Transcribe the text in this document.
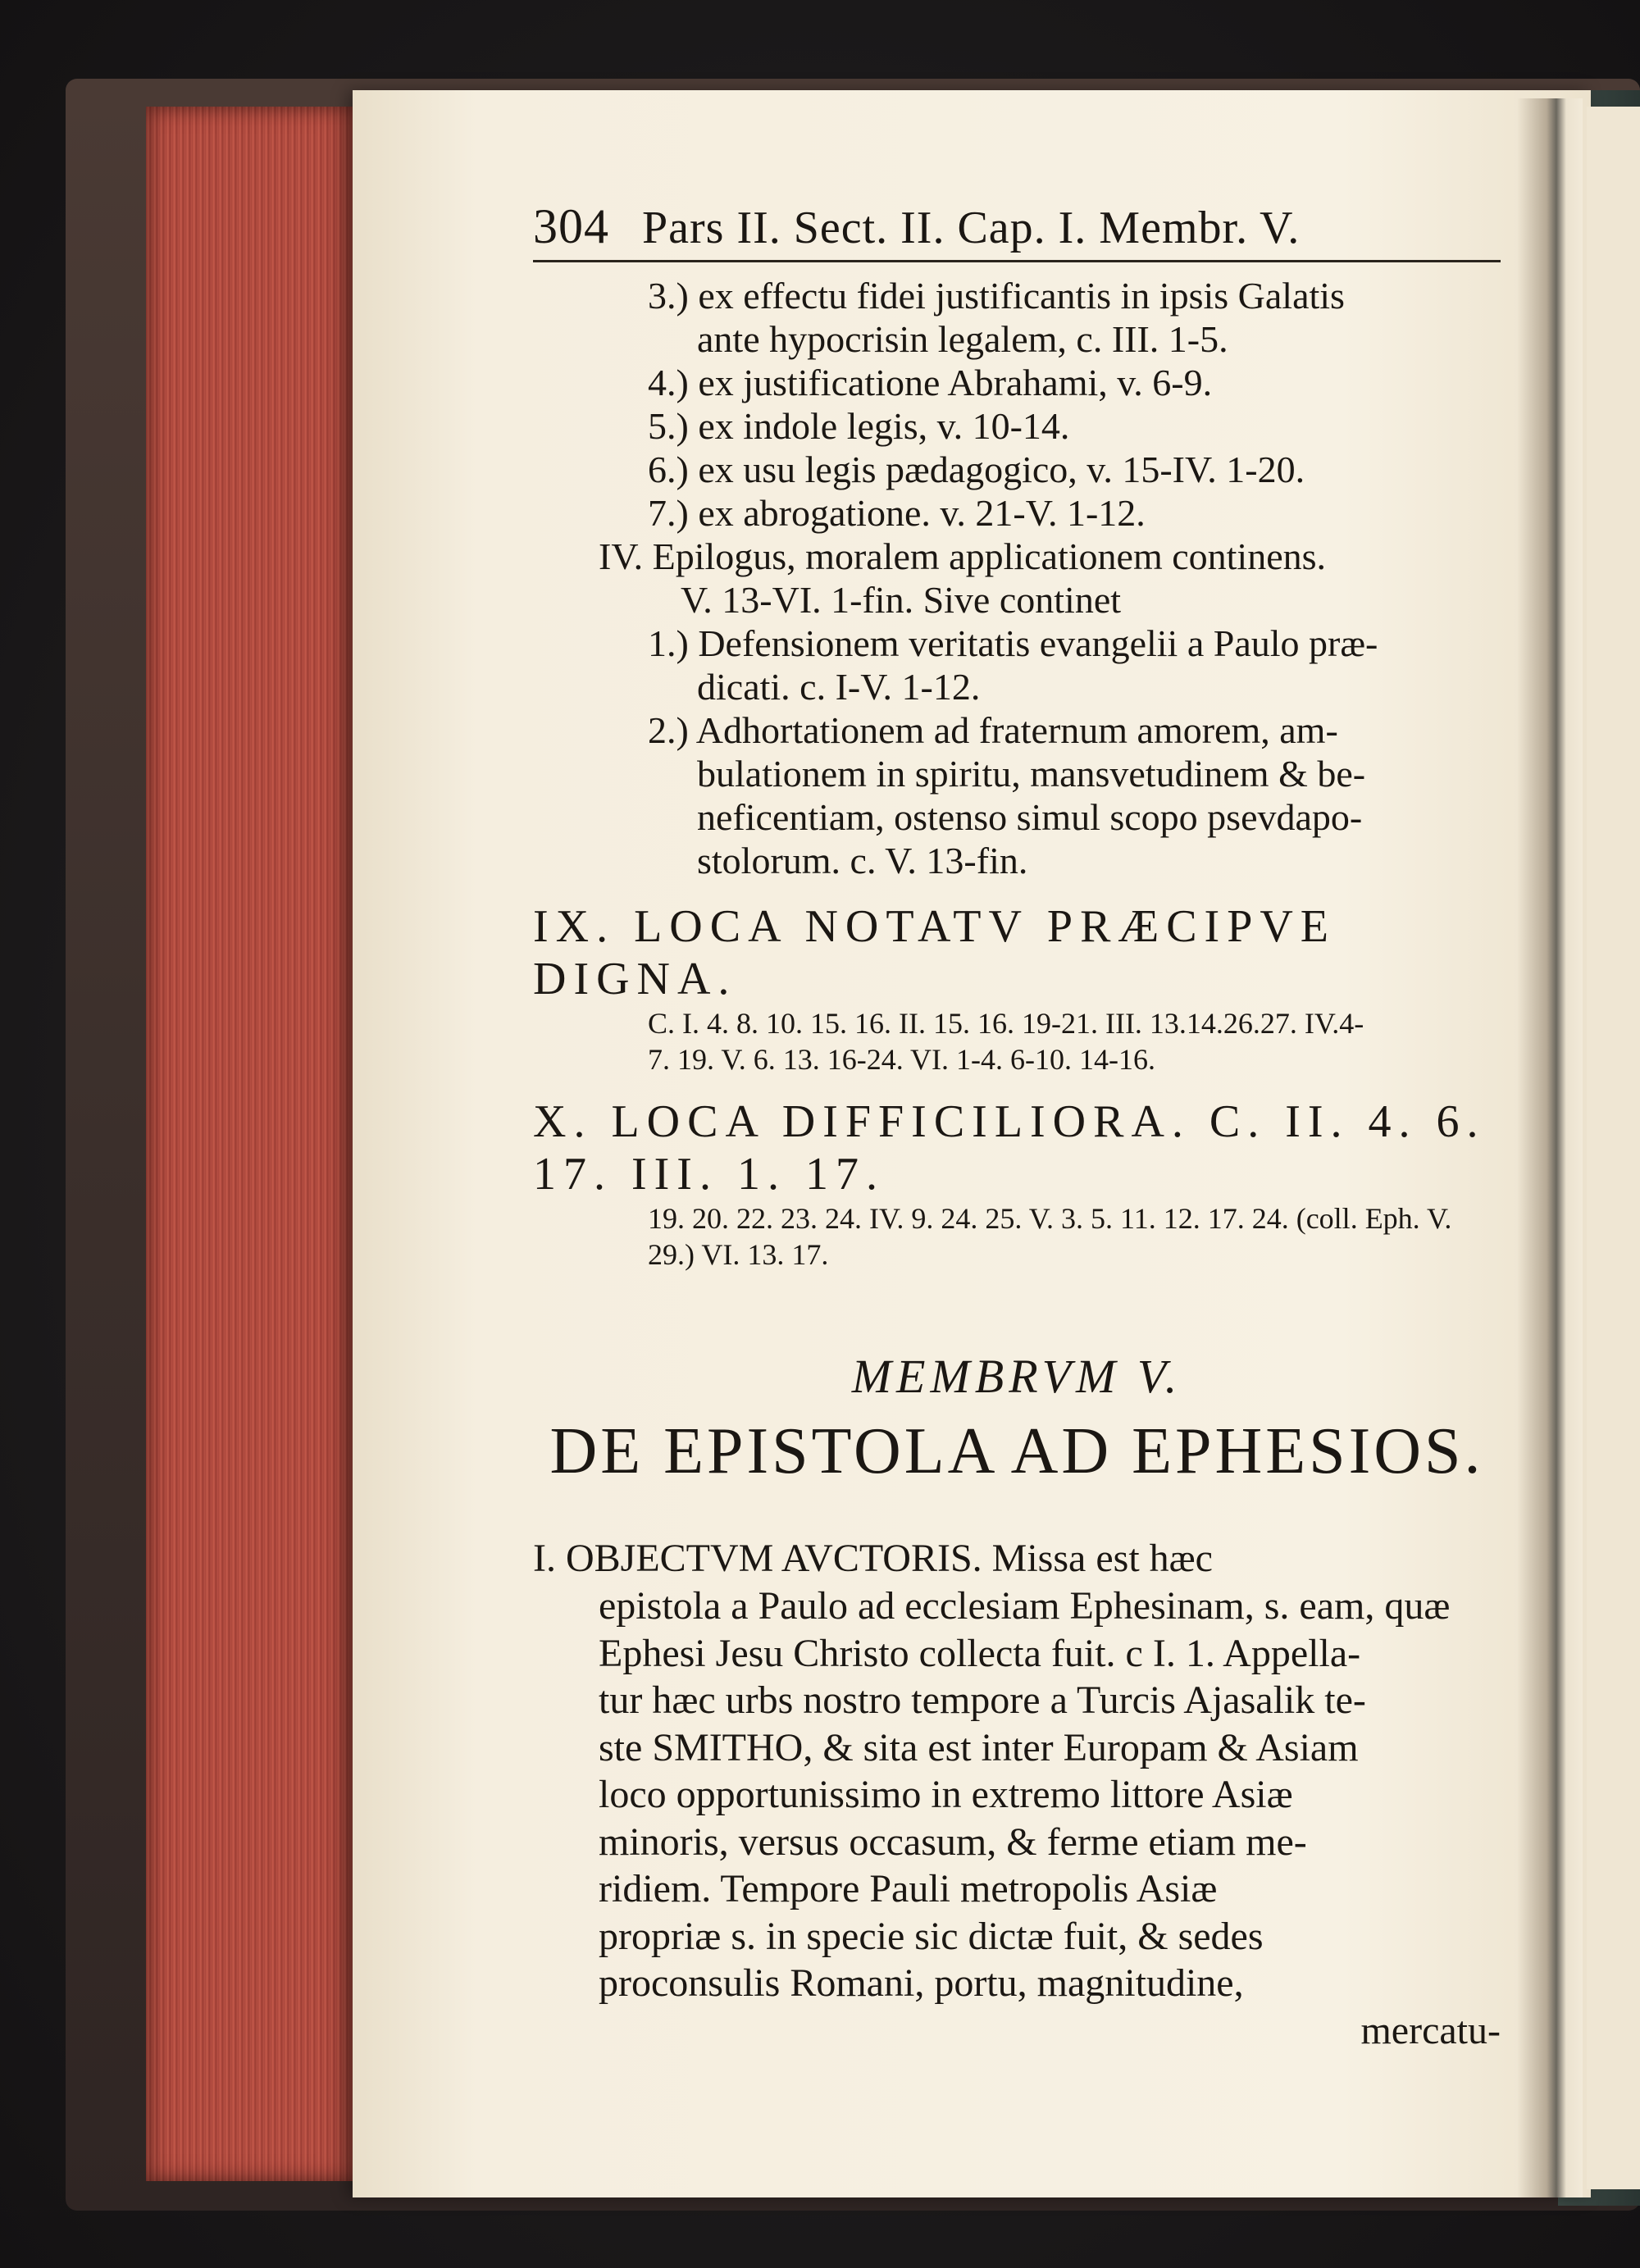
304 Pars II. Sect. II. Cap. I. Membr. V.
3.) ex effectu fidei justificantis in ipsis Galatis
ante hypocrisin legalem, c. III. 1-5.
4.) ex justificatione Abrahami, v. 6-9.
5.) ex indole legis, v. 10-14.
6.) ex usu legis pædagogico, v. 15-IV. 1-20.
7.) ex abrogatione. v. 21-V. 1-12.
IV. Epilogus, moralem applicationem continens.
V. 13-VI. 1-fin. Sive continet
1.) Defensionem veritatis evangelii a Paulo præ-
dicati. c. I-V. 1-12.
2.) Adhortationem ad fraternum amorem, am-
bulationem in spiritu, mansvetudinem & be-
neficentiam, ostenso simul scopo psevdapo-
stolorum. c. V. 13-fin.
IX. LOCA NOTATV PRÆCIPVE DIGNA.
C. I. 4. 8. 10. 15. 16. II. 15. 16. 19-21. III. 13.14.26.27. IV.4-
7. 19. V. 6. 13. 16-24. VI. 1-4. 6-10. 14-16.
X. LOCA DIFFICILIORA. C. II. 4. 6. 17. III. 1. 17.
19. 20. 22. 23. 24. IV. 9. 24. 25. V. 3. 5. 11. 12. 17. 24. (coll. Eph. V.
29.) VI. 13. 17.
MEMBRVM V.
DE EPISTOLA AD EPHESIOS.
I. OBJECTVM AVCTORIS. Missa est hæc
epistola a Paulo ad ecclesiam Ephesinam, s. eam, quæ
Ephesi Jesu Christo collecta fuit. c I. 1. Appella-
tur hæc urbs nostro tempore a Turcis Ajasalik te-
ste SMITHO, & sita est inter Europam & Asiam
loco opportunissimo in extremo littore Asiæ
minoris, versus occasum, & ferme etiam me-
ridiem. Tempore Pauli metropolis Asiæ
propriæ s. in specie sic dictæ fuit, & sedes
proconsulis Romani, portu, magnitudine,
mercatu-
